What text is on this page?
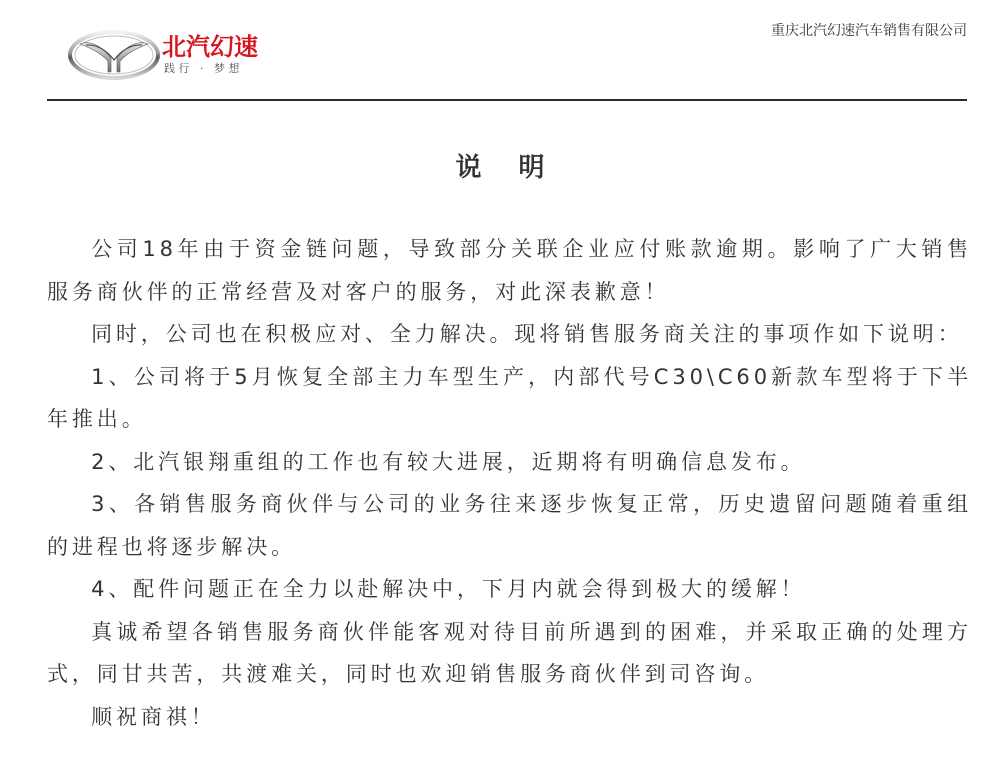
北汽幻速
践行 · 梦想
重庆北汽幻速汽车销售有限公司
说 明

公司18年由于资金链问题，导致部分关联企业应付账款逾期。影响了广大销售服务商伙伴的正常经营及对客户的服务，对此深表歉意！

同时，公司也在积极应对、全力解决。现将销售服务商关注的事项作如下说明：

1、公司将于5月恢复全部主力车型生产，内部代号C30\C60新款车型将于下半年推出。

2、北汽银翔重组的工作也有较大进展，近期将有明确信息发布。

3、各销售服务商伙伴与公司的业务往来逐步恢复正常，历史遗留问题随着重组的进程也将逐步解决。

4、配件问题正在全力以赴解决中，下月内就会得到极大的缓解！

真诚希望各销售服务商伙伴能客观对待目前所遇到的困难，并采取正确的处理方式，同甘共苦，共渡难关，同时也欢迎销售服务商伙伴到司咨询。

顺祝商祺！
